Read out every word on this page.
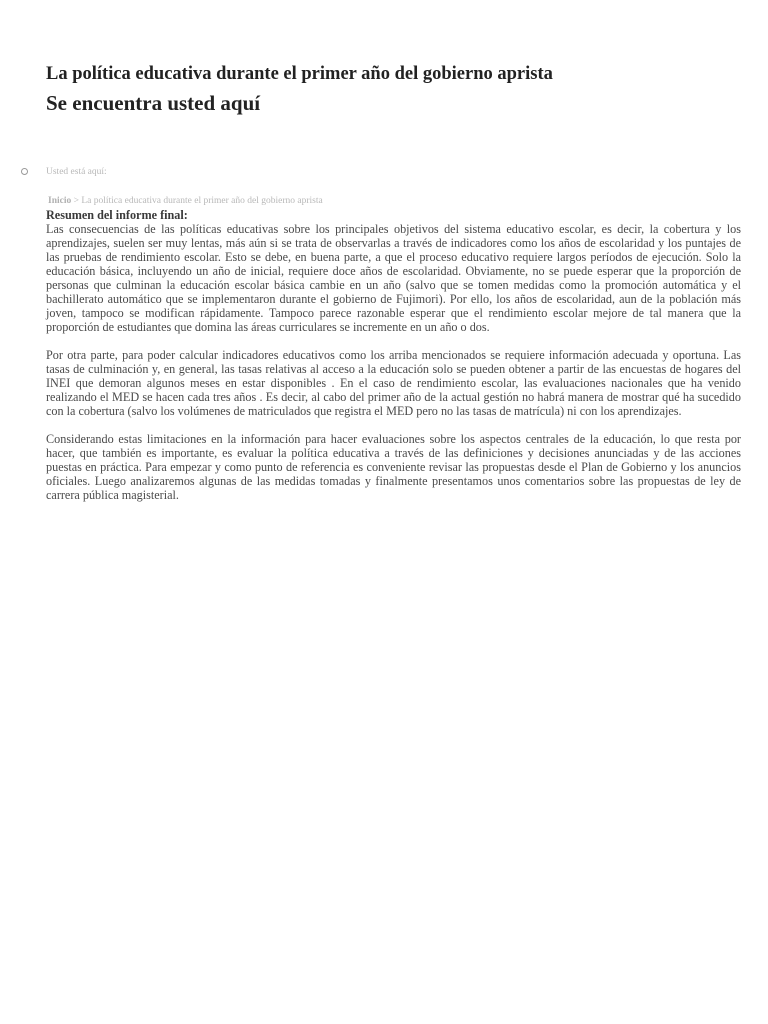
La política educativa durante el primer año del gobierno aprista
Se encuentra usted aquí
Usted está aquí:
Inicio > La política educativa durante el primer año del gobierno aprista
Resumen del informe final:

Las consecuencias de las políticas educativas sobre los principales objetivos del sistema educativo escolar, es decir, la cobertura y los aprendizajes, suelen ser muy lentas, más aún si se trata de observarlas a través de indicadores como los años de escolaridad y los puntajes de las pruebas de rendimiento escolar. Esto se debe, en buena parte, a que el proceso educativo requiere largos períodos de ejecución. Solo la educación básica, incluyendo un año de inicial, requiere doce años de escolaridad. Obviamente, no se puede esperar que la proporción de personas que culminan la educación escolar básica cambie en un año (salvo que se tomen medidas como la promoción automática y el bachillerato automático que se implementaron durante el gobierno de Fujimori). Por ello, los años de escolaridad, aun de la población más joven, tampoco se modifican rápidamente. Tampoco parece razonable esperar que el rendimiento escolar mejore de tal manera que la proporción de estudiantes que domina las áreas curriculares se incremente en un año o dos.

Por otra parte, para poder calcular indicadores educativos como los arriba mencionados se requiere información adecuada y oportuna. Las tasas de culminación y, en general, las tasas relativas al acceso a la educación solo se pueden obtener a partir de las encuestas de hogares del INEI que demoran algunos meses en estar disponibles . En el caso de rendimiento escolar, las evaluaciones nacionales que ha venido realizando el MED se hacen cada tres años . Es decir, al cabo del primer año de la actual gestión no habrá manera de mostrar qué ha sucedido con la cobertura (salvo los volúmenes de matriculados que registra el MED pero no las tasas de matrícula) ni con los aprendizajes.

Considerando estas limitaciones en la información para hacer evaluaciones sobre los aspectos centrales de la educación, lo que resta por hacer, que también es importante, es evaluar la política educativa a través de las definiciones y decisiones anunciadas y de las acciones puestas en práctica. Para empezar y como punto de referencia es conveniente revisar las propuestas desde el Plan de Gobierno y los anuncios oficiales. Luego analizaremos algunas de las medidas tomadas y finalmente presentamos unos comentarios sobre las propuestas de ley de carrera pública magisterial.
